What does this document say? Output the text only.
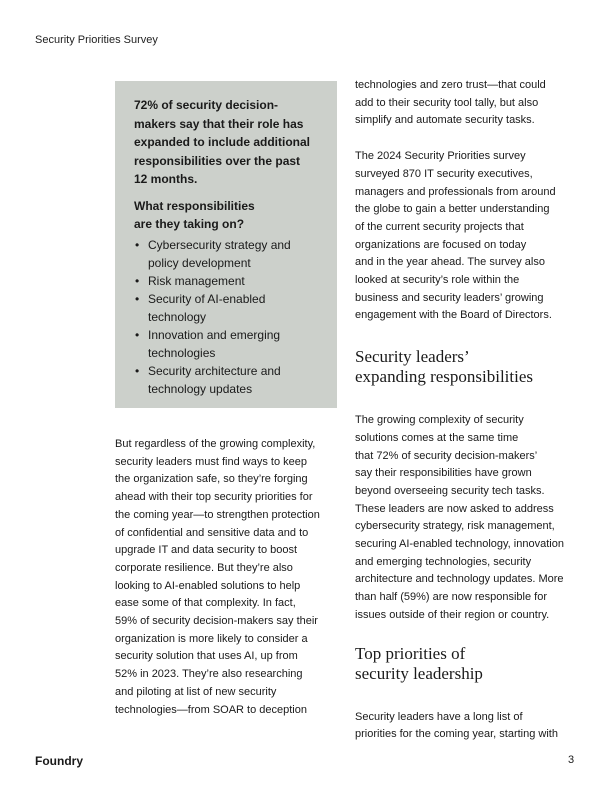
Security Priorities Survey

72% of security decision-
makers say that their role has
expanded to include additional
responsibilities over the past
12 months.

What responsibilities
are they taking on?

• Cybersecurity strategy and
policy development
• Risk management
• Security of AI-enabled
technology
• Innovation and emerging
technologies
• Security architecture and
technology updates

But regardless of the growing complexity,
security leaders must find ways to keep
the organization safe, so they’re forging
ahead with their top security priorities for
the coming year—to strengthen protection
of confidential and sensitive data and to
upgrade IT and data security to boost
corporate resilience. But they’re also
looking to AI-enabled solutions to help
ease some of that complexity. In fact,
59% of security decision-makers say their
organization is more likely to consider a
security solution that uses AI, up from
52% in 2023. They’re also researching
and piloting at list of new security
technologies—from SOAR to deception

technologies and zero trust—that could
add to their security tool tally, but also
simplify and automate security tasks.

The 2024 Security Priorities survey
surveyed 870 IT security executives,
managers and professionals from around
the globe to gain a better understanding
of the current security projects that
organizations are focused on today
and in the year ahead. The survey also
looked at security’s role within the
business and security leaders’ growing
engagement with the Board of Directors.

Security leaders’
expanding responsibilities

The growing complexity of security
solutions comes at the same time
that 72% of security decision-makers’
say their responsibilities have grown
beyond overseeing security tech tasks.
These leaders are now asked to address
cybersecurity strategy, risk management,
securing AI-enabled technology, innovation
and emerging technologies, security
architecture and technology updates. More
than half (59%) are now responsible for
issues outside of their region or country.

Top priorities of
security leadership

Security leaders have a long list of
priorities for the coming year, starting with

Foundry	3
